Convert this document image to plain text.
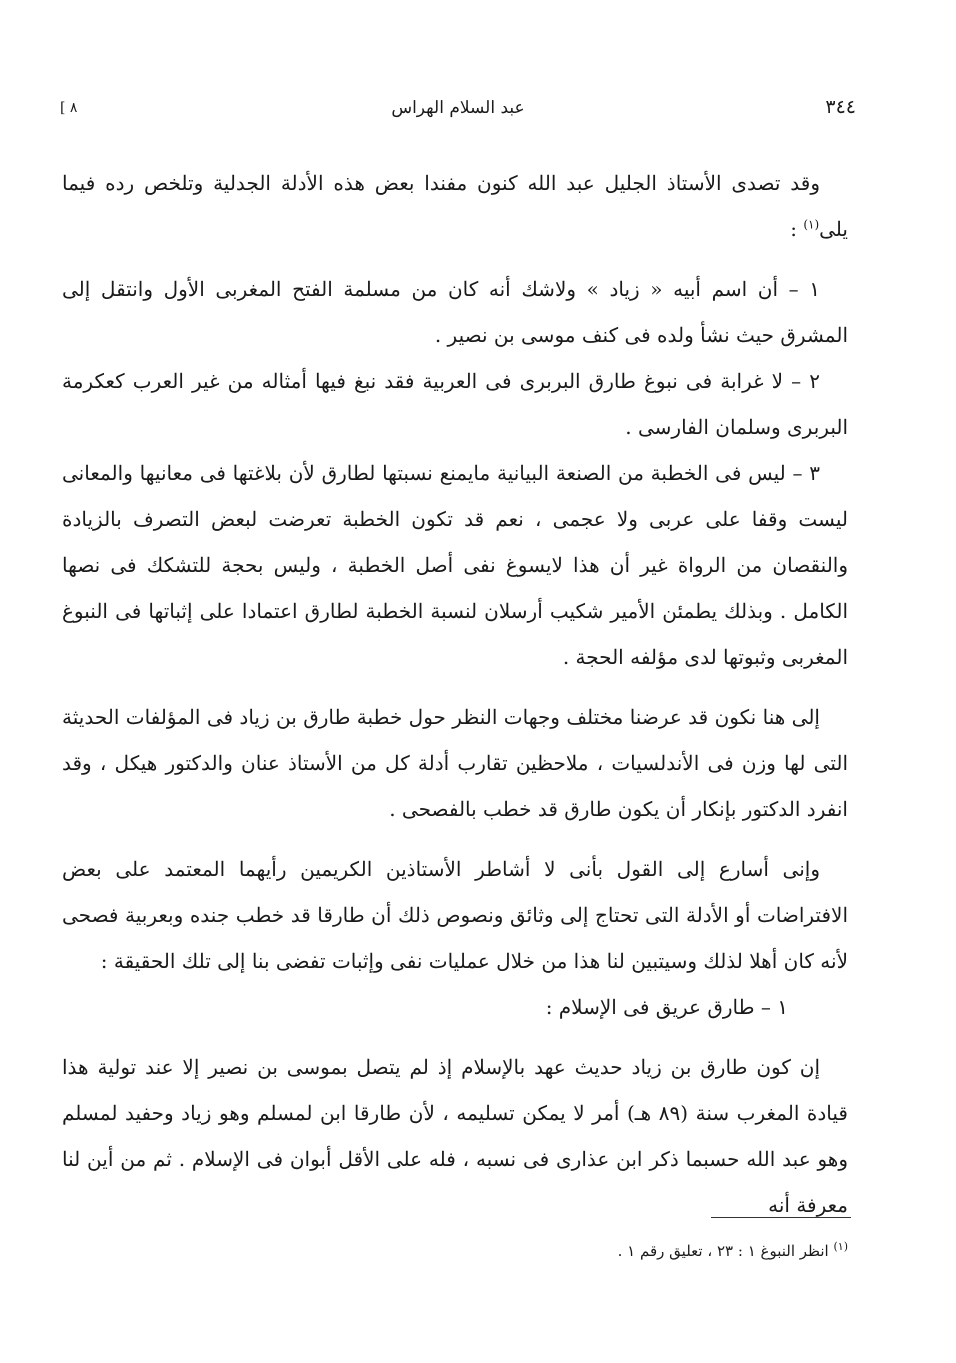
٣٤٤
عبد السلام الهراس
[ ٨

وقد تصدى الأستاذ الجليل عبد الله كنون مفندا بعض هذه الأدلة الجدلية وتلخص رده فيما يلى$^{(١)}$ :

١ – أن اسم أبيه « زياد » ولاشك أنه كان من مسلمة الفتح المغربى الأول وانتقل إلى المشرق حيث نشأ ولده فى كنف موسى بن نصير .

٢ – لا غرابة فى نبوغ طارق البربرى فى العربية فقد نبغ فيها أمثاله من غير العرب كعكرمة البربرى وسلمان الفارسى .

٣ – ليس فى الخطبة من الصنعة البيانية مايمنع نسبتها لطارق لأن بلاغتها فى معانيها والمعانى ليست وقفا على عربى ولا عجمى ، نعم قد تكون الخطبة تعرضت لبعض التصرف بالزيادة والنقصان من الرواة غير أن هذا لايسوغ نفى أصل الخطبة ، وليس بحجة للتشكك فى نصها الكامل . وبذلك يطمئن الأمير شكيب أرسلان لنسبة الخطبة لطارق اعتمادا على إثباتها فى النبوغ المغربى وثبوتها لدى مؤلفه الحجة .

إلى هنا نكون قد عرضنا مختلف وجهات النظر حول خطبة طارق بن زياد فى المؤلفات الحديثة التى لها وزن فى الأندلسيات ، ملاحظين تقارب أدلة كل من الأستاذ عنان والدكتور هيكل ، وقد انفرد الدكتور بإنكار أن يكون طارق قد خطب بالفصحى .

وإنى أسارع إلى القول بأنى لا أشاطر الأستاذين الكريمين رأيهما المعتمد على بعض الافتراضات أو الأدلة التى تحتاج إلى وثائق ونصوص ذلك أن طارقا قد خطب جنده وبعربية فصحى لأنه كان أهلا لذلك وسيتبين لنا هذا من خلال عمليات نفى وإثبات تفضى بنا إلى تلك الحقيقة :

١ – طارق عريق فى الإسلام :

إن كون طارق بن زياد حديث عهد بالإسلام إذ لم يتصل بموسى بن نصير إلا عند تولية هذا قيادة المغرب سنة (٨٩ هـ) أمر لا يمكن تسليمه ، لأن طارقا ابن لمسلم وهو زياد وحفيد لمسلم وهو عبد الله حسبما ذكر ابن عذارى فى نسبه ، فله على الأقل أبوان فى الإسلام . ثم من أين لنا معرفة أنه

$^{(١)}$ انظر النبوغ ١ : ٢٣ ، تعليق رقم ١ .
